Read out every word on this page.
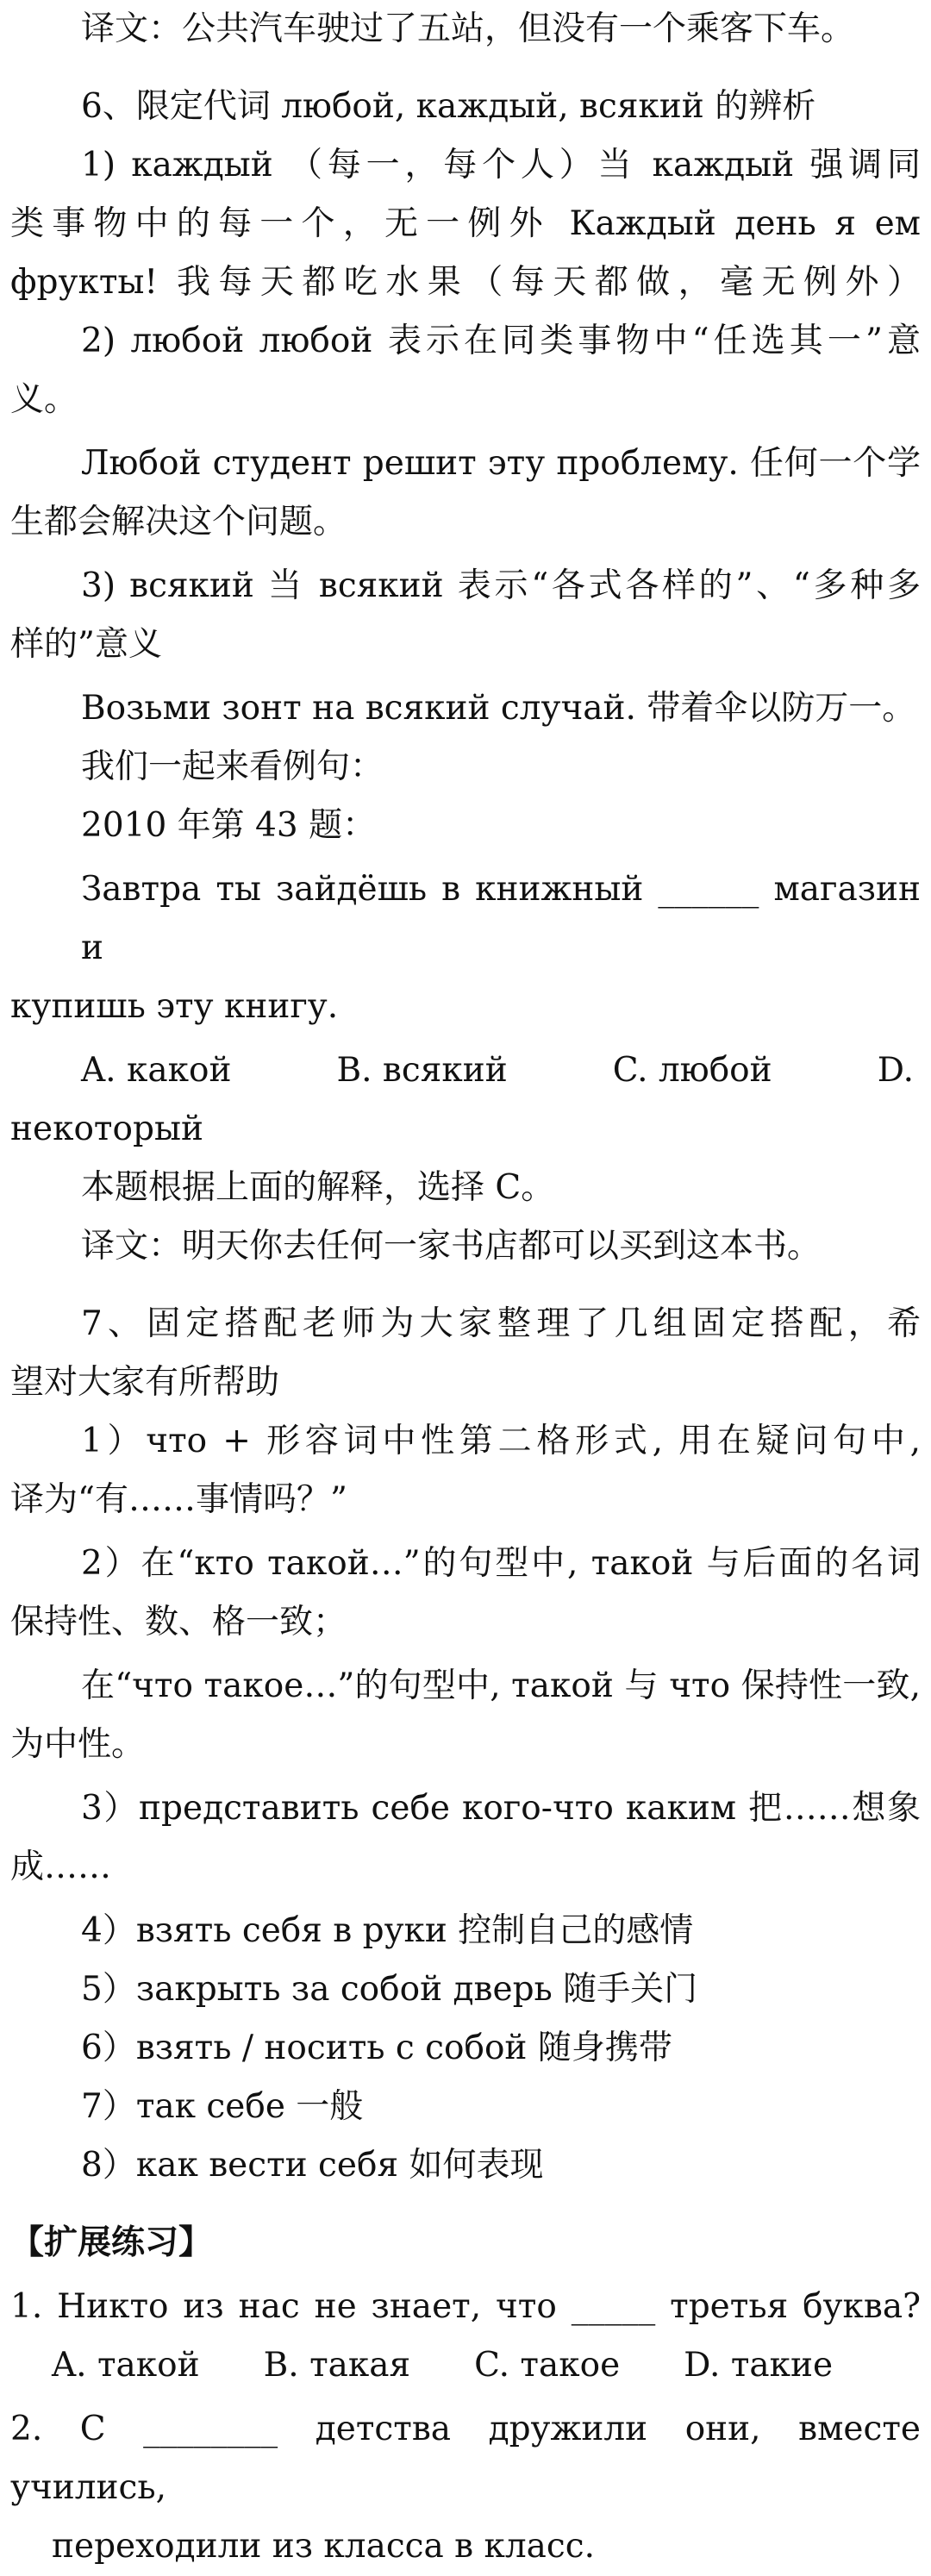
译文：公共汽车驶过了五站，但没有一个乘客下车。
6、限定代词 любой, каждый, всякий 的辨析
1) каждый （每一，每个人）当 каждый 强调同
类事物中的每一个，无一例外 Каждый день я ем
фрукты! 我每天都吃水果（每天都做，毫无例外）
2) любой любой 表示在同类事物中“任选其一”意
义。
Любой студент решит эту проблему. 任何一个学
生都会解决这个问题。
3) всякий 当 всякий 表示“各式各样的”、“多种多
样的”意义
Возьми зонт на всякий случай. 带着伞以防万一。
我们一起来看例句：
2010 年第 43 题：
Завтра ты зайдёшь в книжный ______ магазин и
купишь эту книгу.
A. какой	B. всякий	C. любой	D.
некоторый
本题根据上面的解释，选择 C。
译文：明天你去任何一家书店都可以买到这本书。
7、固定搭配老师为大家整理了几组固定搭配，希
望对大家有所帮助
1）что + 形容词中性第二格形式, 用在疑问句中,
译为“有……事情吗？”
2）在“кто такой…”的句型中, такой 与后面的名词
保持性、数、格一致；
在“что такое…”的句型中, такой 与 что 保持性一致,
为中性。
3）представить себе кого-что каким 把……想象
成……
4）взять себя в руки 控制自己的感情
5）закрыть за собой дверь 随手关门
6）взять / носить с собой 随身携带
7）так себе 一般
8）как вести себя 如何表现
【扩展练习】
1. Никто из нас не знает, что _____ третья буква?
A. такой B. такая C. такое D. такие
2. С ________ детства дружили они, вместе учились,
переходили из класса в класс.
